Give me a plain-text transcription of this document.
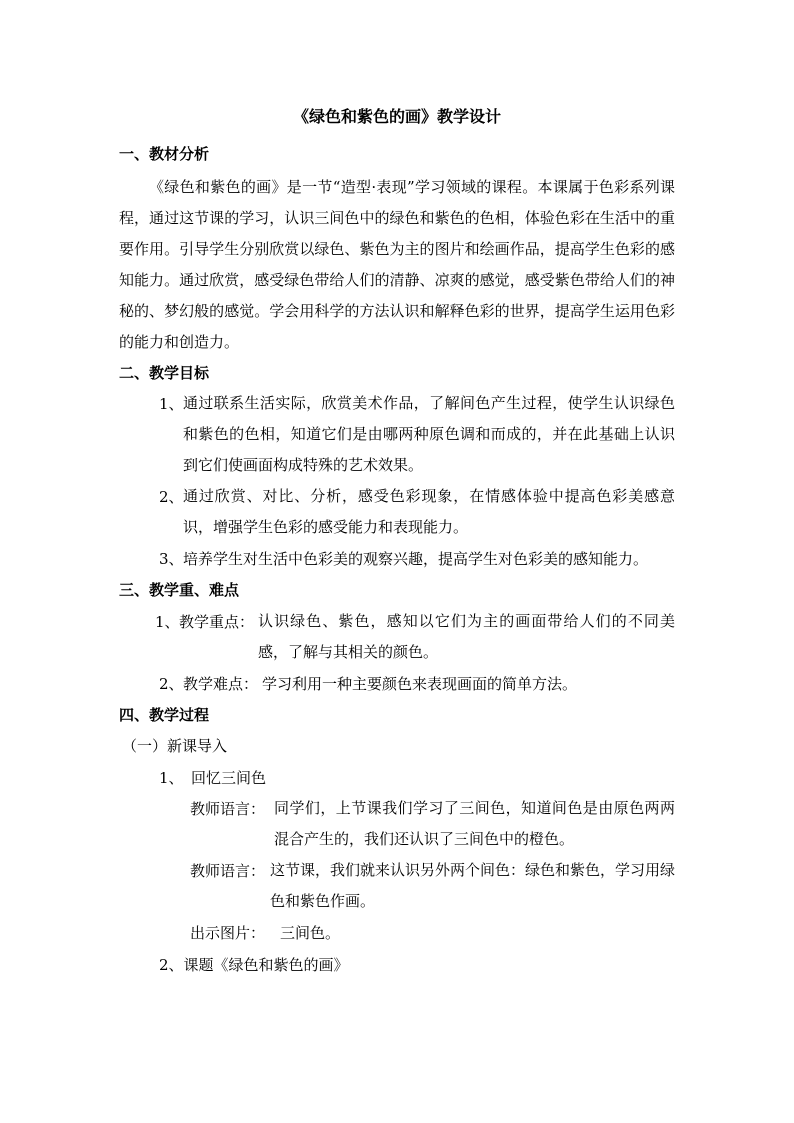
《绿色和紫色的画》教学设计
一、教材分析

《绿色和紫色的画》是一节“造型·表现”学习领域的课程。本课属于色彩系列课程，通过这节课的学习，认识三间色中的绿色和紫色的色相，体验色彩在生活中的重要作用。引导学生分别欣赏以绿色、紫色为主的图片和绘画作品，提高学生色彩的感知能力。通过欣赏，感受绿色带给人们的清静、凉爽的感觉，感受紫色带给人们的神秘的、梦幻般的感觉。学会用科学的方法认识和解释色彩的世界，提高学生运用色彩的能力和创造力。

二、教学目标
1、 通过联系生活实际，欣赏美术作品，了解间色产生过程，使学生认识绿色和紫色的色相，知道它们是由哪两种原色调和而成的，并在此基础上认识到它们使画面构成特殊的艺术效果。

2、 通过欣赏、对比、分析，感受色彩现象，在情感体验中提高色彩美感意识，增强学生色彩的感受能力和表现能力。

3、 培养学生对生活中色彩美的观察兴趣，提高学生对色彩美的感知能力。
三、教学重、难点
1、 教学重点： 认识绿色、紫色，感知以它们为主的画面带给人们的不同美感，了解与其相关的颜色。

2、 教学难点： 学习利用一种主要颜色来表现画面的简单方法。
四、教学过程
（一）新课导入
1、　回忆三间色
教师语言： 同学们，上节课我们学习了三间色，知道间色是由原色两两混合产生的，我们还认识了三间色中的橙色。

教师语言： 这节课，我们就来认识另外两个间色：绿色和紫色，学习用绿色和紫色作画。

出示图片： 三间色。
2、课题《绿色和紫色的画》
